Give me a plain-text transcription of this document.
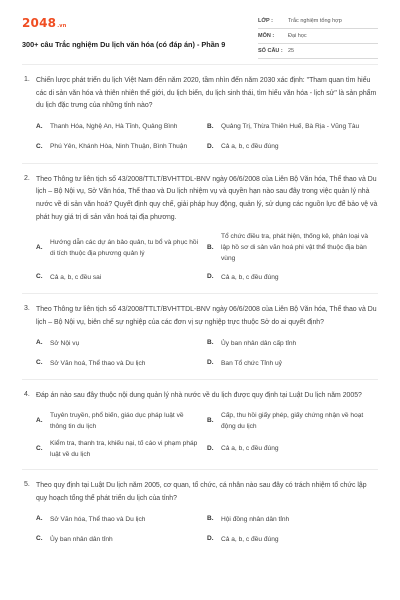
2048 .vn
300+ câu Trắc nghiệm Du lịch văn hóa (có đáp án) - Phần 9
LỚP :	Trắc nghiệm tổng hợp
MÔN :	Đại học
SỐ CÂU : 25
1. Chiến lược phát triển du lịch Việt Nam đến năm 2020, tầm nhìn đến năm 2030 xác định: "Tham quan tìm hiểu các di sản văn hóa và thiên nhiên thế giới, du lịch biển, du lịch sinh thái, tìm hiểu văn hóa - lịch sử" là sản phẩm du lịch đặc trưng của những tỉnh nào?
A.	Thanh Hóa, Nghệ An, Hà Tĩnh, Quảng Bình	B.	Quảng Trị, Thừa Thiên Huế, Bà Rịa - Vũng Tàu
C.	Phú Yên, Khánh Hòa, Ninh Thuận, Bình Thuận	D.	Cả a, b, c đều đúng
2. Theo Thông tư liên tịch số 43/2008/TTLT/BVHTTDL-BNV ngày 06/6/2008 của Liên Bộ Văn hóa, Thể thao và Du lịch – Bộ Nội vụ, Sở Văn hóa, Thể thao và Du lịch nhiệm vụ và quyền hạn nào sau đây trong việc quản lý nhà nước về di sản văn hoá? Quyết định quy chế, giải pháp huy động, quản lý, sử dụng các nguồn lực để bảo vệ và phát huy giá trị di sản văn hoá tại địa phương.
A.
Hướng dẫn các dự án bảo quản, tu bổ và phục hồi di tích thuộc địa phương quản lý
B.
Tổ chức điều tra, phát hiện, thống kê, phân loại và lập hồ sơ di sản văn hoá phi vật thể thuộc địa bàn vùng
C.	Cả a, b, c đều sai	D.	Cả a, b, c đều đúng
3. Theo Thông tư liên tịch số 43/2008/TTLT/BVHTTDL-BNV ngày 06/6/2008 của Liên Bộ Văn hóa, Thể thao và Du lịch – Bộ Nội vụ, biên chế sự nghiệp của các đơn vị sự nghiệp trực thuộc Sở do ai quyết định?
A.	Sở Nội vụ	B.	Ủy ban nhân dân cấp tỉnh
C.	Sở Văn hoá, Thể thao và Du lịch	D.	Ban Tổ chức Tỉnh uỷ
4. Đáp án nào sau đây thuộc nội dung quản lý nhà nước về du lịch được quy định tại Luật Du lịch năm 2005?
A.
Tuyên truyền, phổ biến, giáo dục pháp luật về thông tin du lịch
B.
Cấp, thu hồi giấy phép, giấy chứng nhận về hoạt động du lịch
C.
Kiểm tra, thanh tra, khiếu nại, tố cáo vi phạm pháp luật về du lịch
D.	Cả a, b, c đều đúng
5. Theo quy định tại Luật Du lịch năm 2005, cơ quan, tổ chức, cá nhân nào sau đây có trách nhiệm tổ chức lập quy hoạch tổng thể phát triển du lịch của tỉnh?
A.	Sở Văn hóa, Thể thao và Du lịch	B.	Hội đồng nhân dân tỉnh
C.	Ủy ban nhân dân tỉnh	D.	Cả a, b, c đều đúng
